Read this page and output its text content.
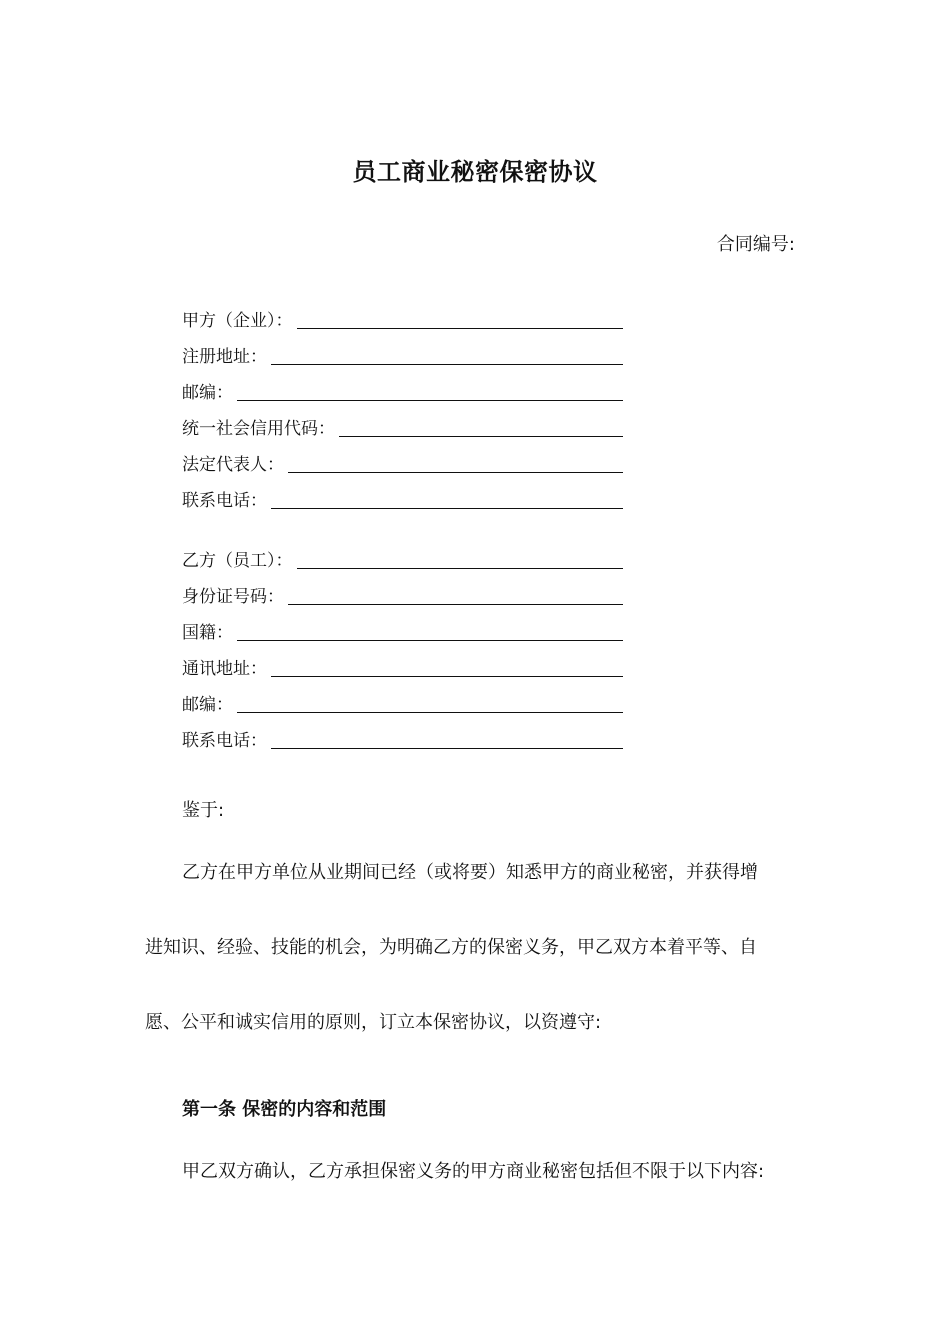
员工商业秘密保密协议
合同编号:
甲方（企业）：
注册地址：
邮编：
统一社会信用代码：
法定代表人：
联系电话：
乙方（员工）：
身份证号码：
国籍：
通讯地址：
邮编：
联系电话：
鉴于:
乙方在甲方单位从业期间已经（或将要）知悉甲方的商业秘密，并获得增
进知识、经验、技能的机会，为明确乙方的保密义务，甲乙双方本着平等、自
愿、公平和诚实信用的原则，订立本保密协议，以资遵守:
第一条 保密的内容和范围
甲乙双方确认，乙方承担保密义务的甲方商业秘密包括但不限于以下内容:
